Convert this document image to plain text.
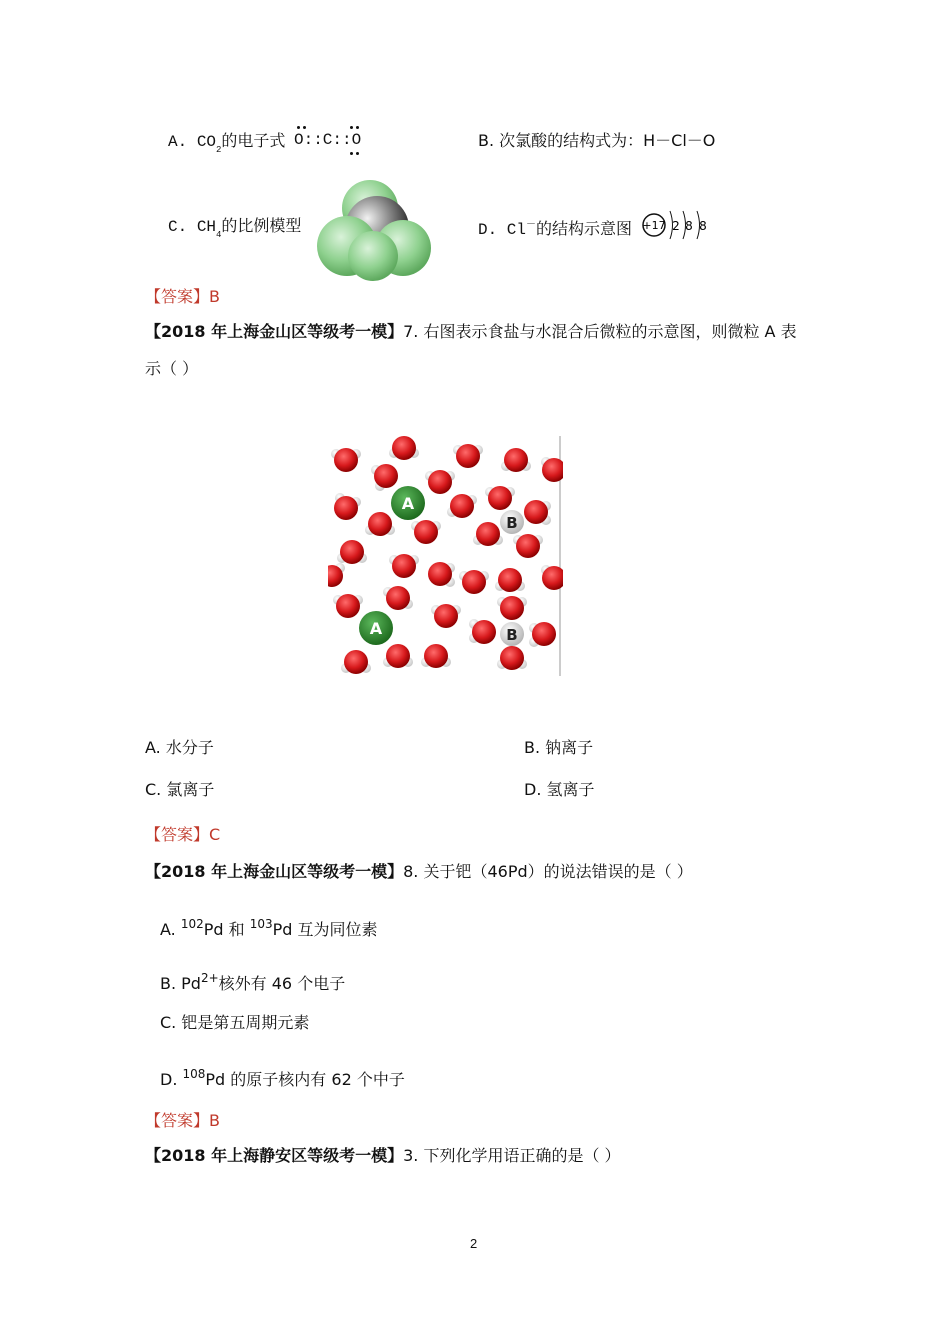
A. $CO_2$的电子式 O::C::O	B. 次氯酸的结构式为：H－Cl－O
C. $CH_4$的比例模型	D. Cl－的结构示意图 +17 2 8 8
【答案】B
【2018 年上海金山区等级考一模】7. 右图表示食盐与水混合后微粒的示意图，则微粒 A 表
示（ ）
A
A
B
B
A. 水分子	B. 钠离子
C. 氯离子	D. 氢离子
【答案】C
【2018 年上海金山区等级考一模】8. 关于钯（46Pd）的说法错误的是（ ）
A. $^{102}$Pd 和 $^{103}$Pd 互为同位素
B. $Pd^{2+}$核外有 46 个电子
C. 钯是第五周期元素
D. $^{108}$Pd 的原子核内有 62 个中子
【答案】B
【2018 年上海静安区等级考一模】3. 下列化学用语正确的是（ ）
2
